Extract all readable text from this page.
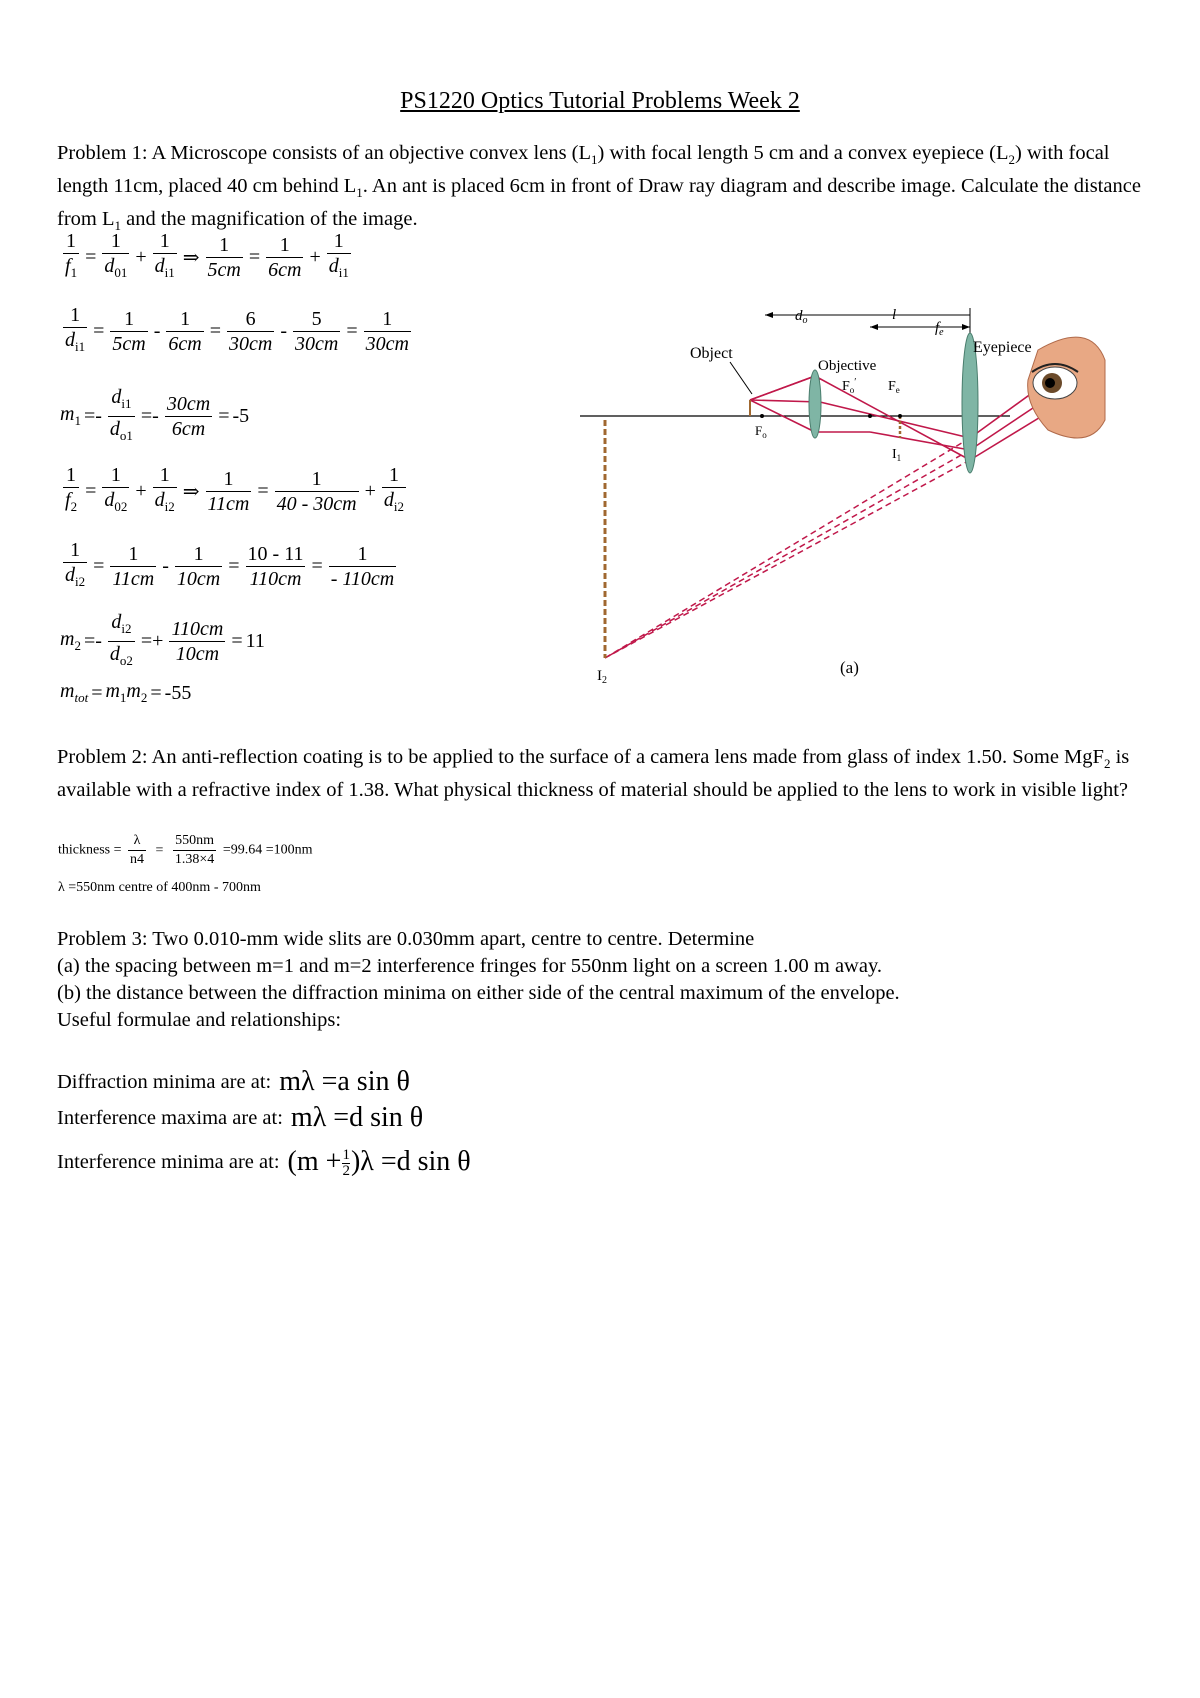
PS1220 Optics Tutorial Problems Week 2
Problem 1: A Microscope consists of an objective convex lens $(L_1)$ with focal length 5 cm and a convex eyepiece $(L_2)$ with focal length 11cm, placed 40 cm behind $L_1$. An ant is placed 6cm in front of Draw ray diagram and describe image. Calculate the distance from $L_1$ and the magnification of the image.
$\frac{1}{f_1} = \frac{1}{d_{01}} + \frac{1}{d_{i1}}$ ⇒ $\frac{1}{5cm} = \frac{1}{6cm} + \frac{1}{d_{i1}}$
$\frac{1}{d_{i1}} = \frac{1}{5cm} - \frac{1}{6cm} = \frac{6}{30cm} - \frac{5}{30cm} = \frac{1}{30cm}$
$m_1 =- \frac{d_{i1}}{d_{o1}} =- \frac{30cm}{6cm} = -5$
$\frac{1}{f_2} = \frac{1}{d_{02}} + \frac{1}{d_{i2}}$ ⇒ $\frac{1}{11cm} = \frac{1}{40 - 30cm} + \frac{1}{d_{i2}}$
$\frac{1}{d_{i2}} = \frac{1}{11cm} - \frac{1}{10cm} = \frac{10 - 11}{110cm} = \frac{1}{- 110cm}$
$m_2 =- \frac{d_{i2}}{d_{o2}} =+ \frac{110cm}{10cm} = 11$
$m_{tot} = m_1m_2 = -55$
$d_o$	l
$f_e$
Object
Objective
Eyepiece
$F_o$
$F_o'$ $F_e$
$I_1$
$I_2$
(a)
Problem 2: An anti-reflection coating is to be applied to the surface of a camera lens made from glass of index 1.50. Some MgF$_2$ is available with a refractive index of 1.38. What physical thickness of material should be applied to the lens to work in visible light?
thickness = $\frac{\lambda}{n4} = \frac{550nm}{1.38\times 4} =99.64 =100nm$
λ =550nm centre of 400nm - 700nm
Problem 3: Two 0.010-mm wide slits are 0.030mm apart, centre to centre. Determine
(a) the spacing between m=1 and m=2 interference fringes for 550nm light on a screen 1.00 m away.
(b) the distance between the diffraction minima on either side of the central maximum of the envelope.
Useful formulae and relationships:
Diffraction minima are at: mλ =a sin θ
Interference maxima are at: mλ =d sin θ
Interference minima are at: $(m + \frac{1}{2} )\lambda =d$ sin θ
